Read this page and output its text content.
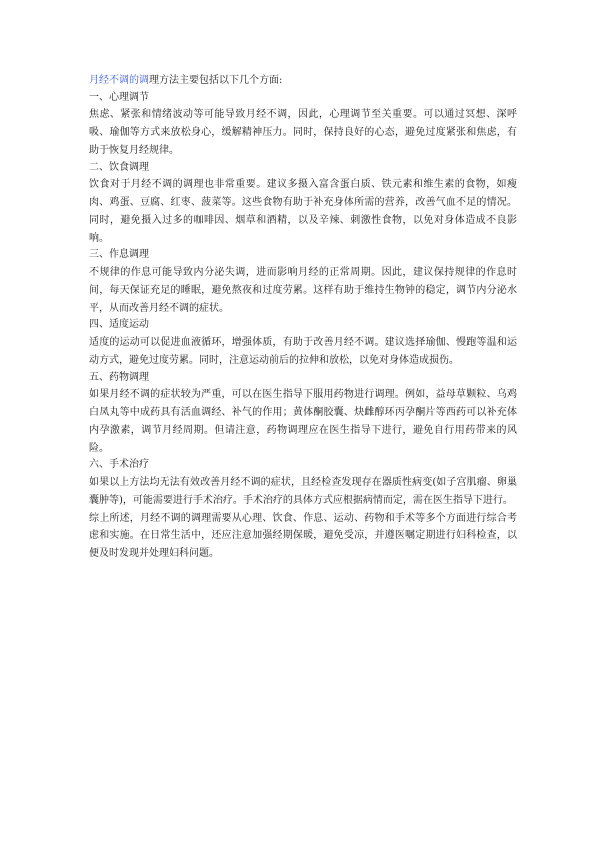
月经不调的调理方法主要包括以下几个方面:

一、心理调节

焦虑、紧张和情绪波动等可能导致月经不调，因此，心理调节至关重要。可以通过冥想、深呼吸、瑜伽等方式来放松身心，缓解精神压力。同时，保持良好的心态，避免过度紧张和焦虑，有助于恢复月经规律。

二、饮食调理

饮食对于月经不调的调理也非常重要。建议多摄入富含蛋白质、铁元素和维生素的食物，如瘦肉、鸡蛋、豆腐、红枣、菠菜等。这些食物有助于补充身体所需的营养，改善气血不足的情况。同时，避免摄入过多的咖啡因、烟草和酒精，以及辛辣、刺激性食物，以免对身体造成不良影响。

三、作息调理

不规律的作息可能导致内分泌失调，进而影响月经的正常周期。因此，建议保持规律的作息时间，每天保证充足的睡眠，避免熬夜和过度劳累。这样有助于维持生物钟的稳定，调节内分泌水平，从而改善月经不调的症状。

四、适度运动

适度的运动可以促进血液循环，增强体质，有助于改善月经不调。建议选择瑜伽、慢跑等温和运动方式，避免过度劳累。同时，注意运动前后的拉伸和放松，以免对身体造成损伤。

五、药物调理

如果月经不调的症状较为严重，可以在医生指导下服用药物进行调理。例如，益母草颗粒、乌鸡白凤丸等中成药具有活血调经、补气的作用；黄体酮胶囊、炔雌醇环丙孕酮片等西药可以补充体内孕激素，调节月经周期。但请注意，药物调理应在医生指导下进行，避免自行用药带来的风险。

六、手术治疗

如果以上方法均无法有效改善月经不调的症状，且经检查发现存在器质性病变(如子宫肌瘤、卵巢囊肿等)，可能需要进行手术治疗。手术治疗的具体方式应根据病情而定，需在医生指导下进行。

综上所述，月经不调的调理需要从心理、饮食、作息、运动、药物和手术等多个方面进行综合考虑和实施。在日常生活中，还应注意加强经期保暖，避免受凉，并遵医嘱定期进行妇科检查，以便及时发现并处理妇科问题。
